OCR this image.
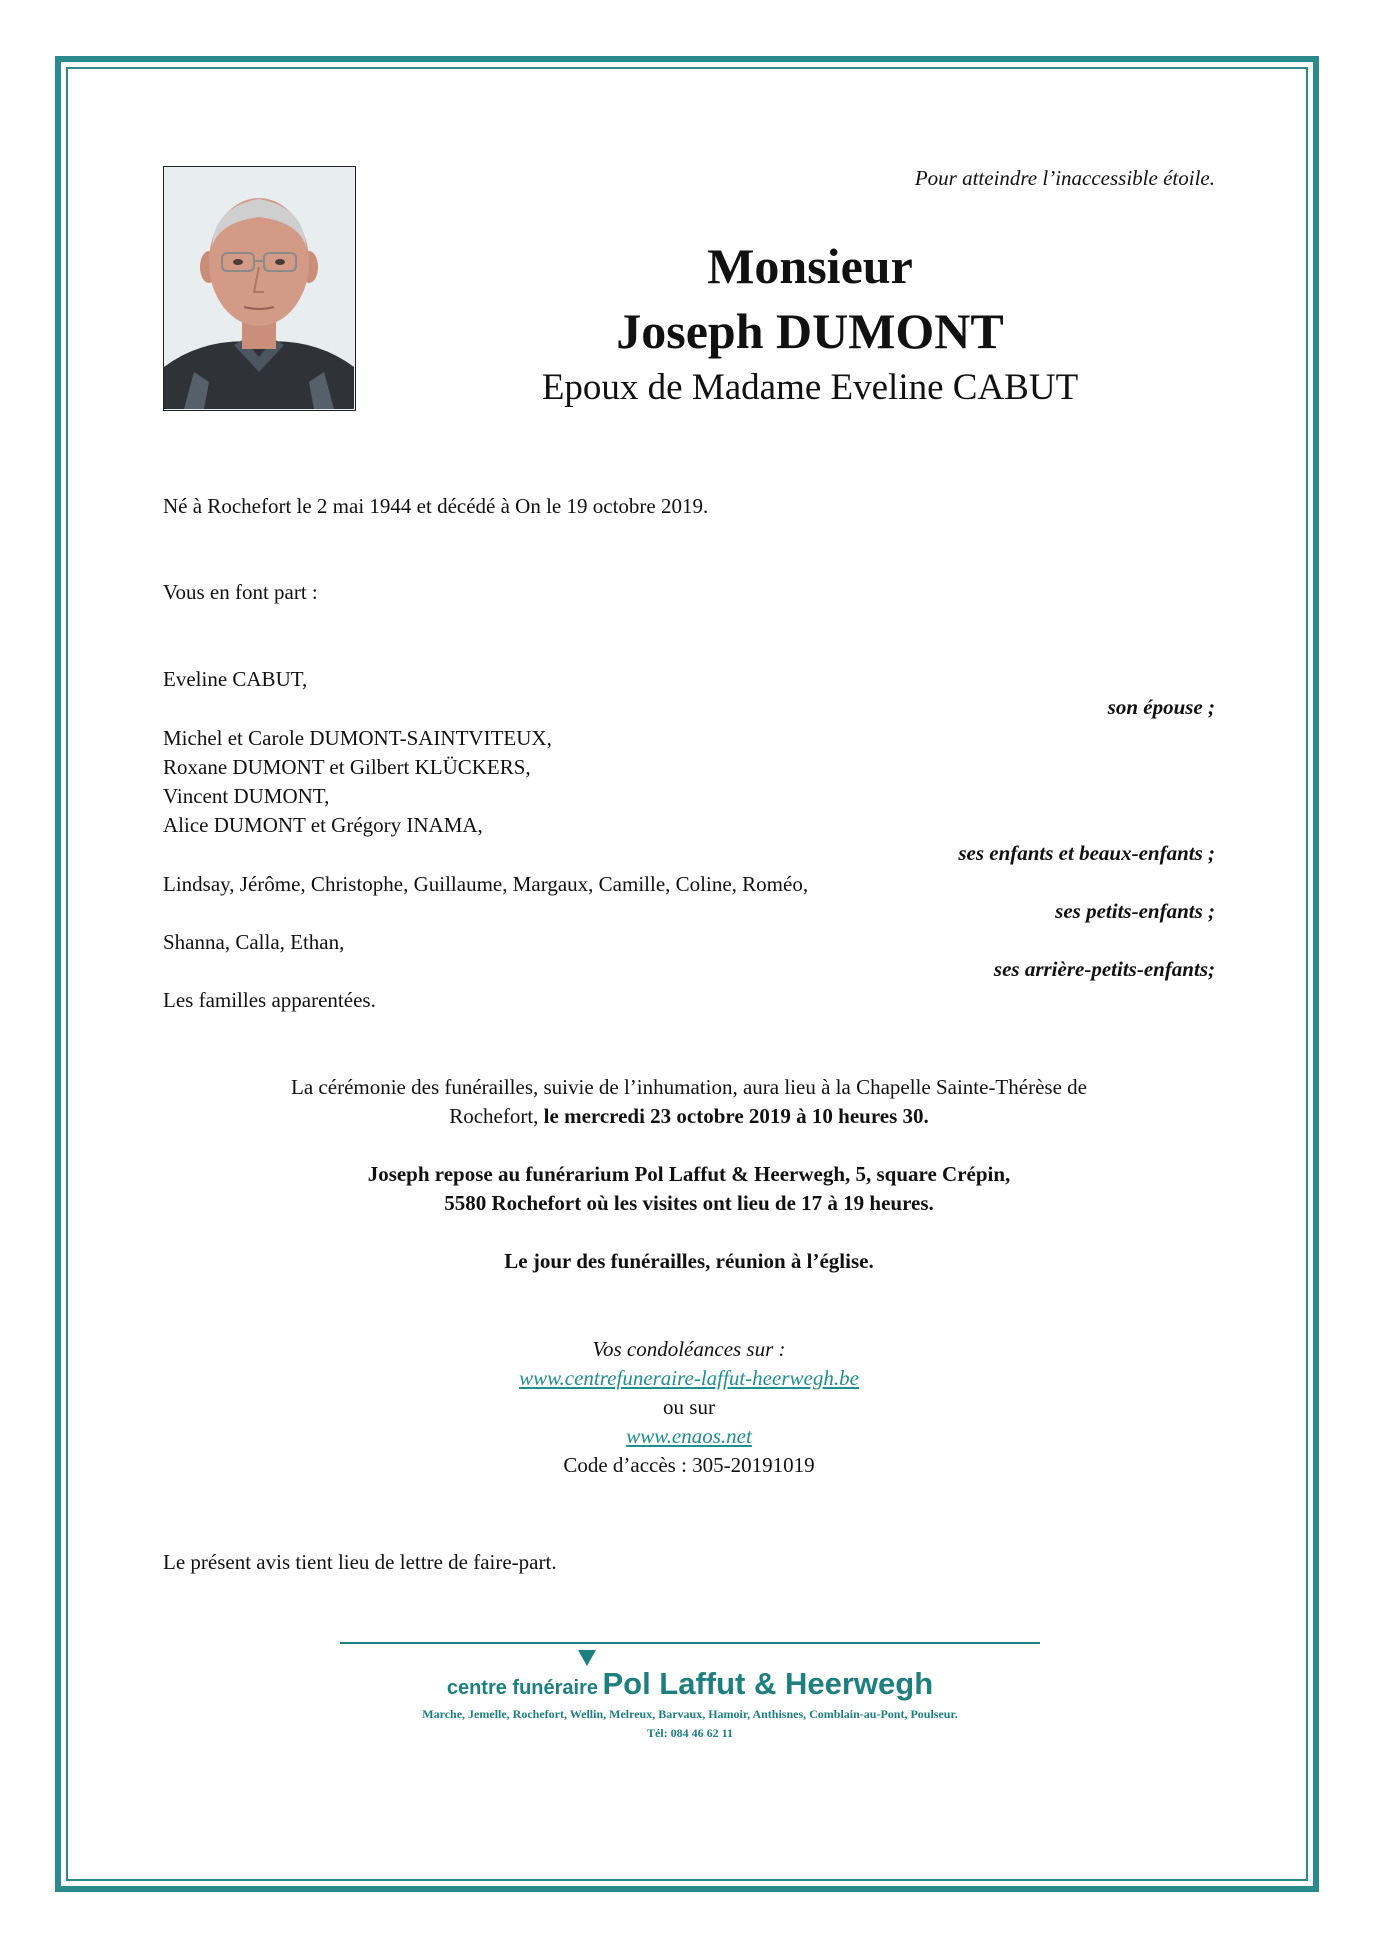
Pour atteindre l’inaccessible étoile.
Monsieur
Joseph DUMONT
Epoux de Madame Eveline CABUT
Né à Rochefort le 2 mai 1944 et décédé à On le 19 octobre 2019.
Vous en font part :
Eveline CABUT,
son épouse ;
Michel et Carole DUMONT-SAINTVITEUX,
Roxane DUMONT et Gilbert KLÜCKERS,
Vincent DUMONT,
Alice DUMONT et Grégory INAMA,
ses enfants et beaux-enfants ;
Lindsay, Jérôme, Christophe, Guillaume, Margaux, Camille, Coline, Roméo,
ses petits-enfants ;
Shanna, Calla, Ethan,
ses arrière-petits-enfants;
Les familles apparentées.
La cérémonie des funérailles, suivie de l’inhumation, aura lieu à la Chapelle Sainte-Thérèse de
Rochefort, le mercredi 23 octobre 2019 à 10 heures 30.
Joseph repose au funérarium Pol Laffut & Heerwegh, 5, square Crépin,
5580 Rochefort où les visites ont lieu de 17 à 19 heures.
Le jour des funérailles, réunion à l’église.
Vos condoléances sur :
www.centrefuneraire-laffut-heerwegh.be
ou sur
www.enaos.net
Code d’accès : 305-20191019
Le présent avis tient lieu de lettre de faire-part.
centre funéraire Pol Laffut & Heerwegh
Marche, Jemelle, Rochefort, Wellin, Melreux, Barvaux, Hamoir, Anthisnes, Comblain-au-Pont, Poulseur.
Tél: 084 46 62 11
